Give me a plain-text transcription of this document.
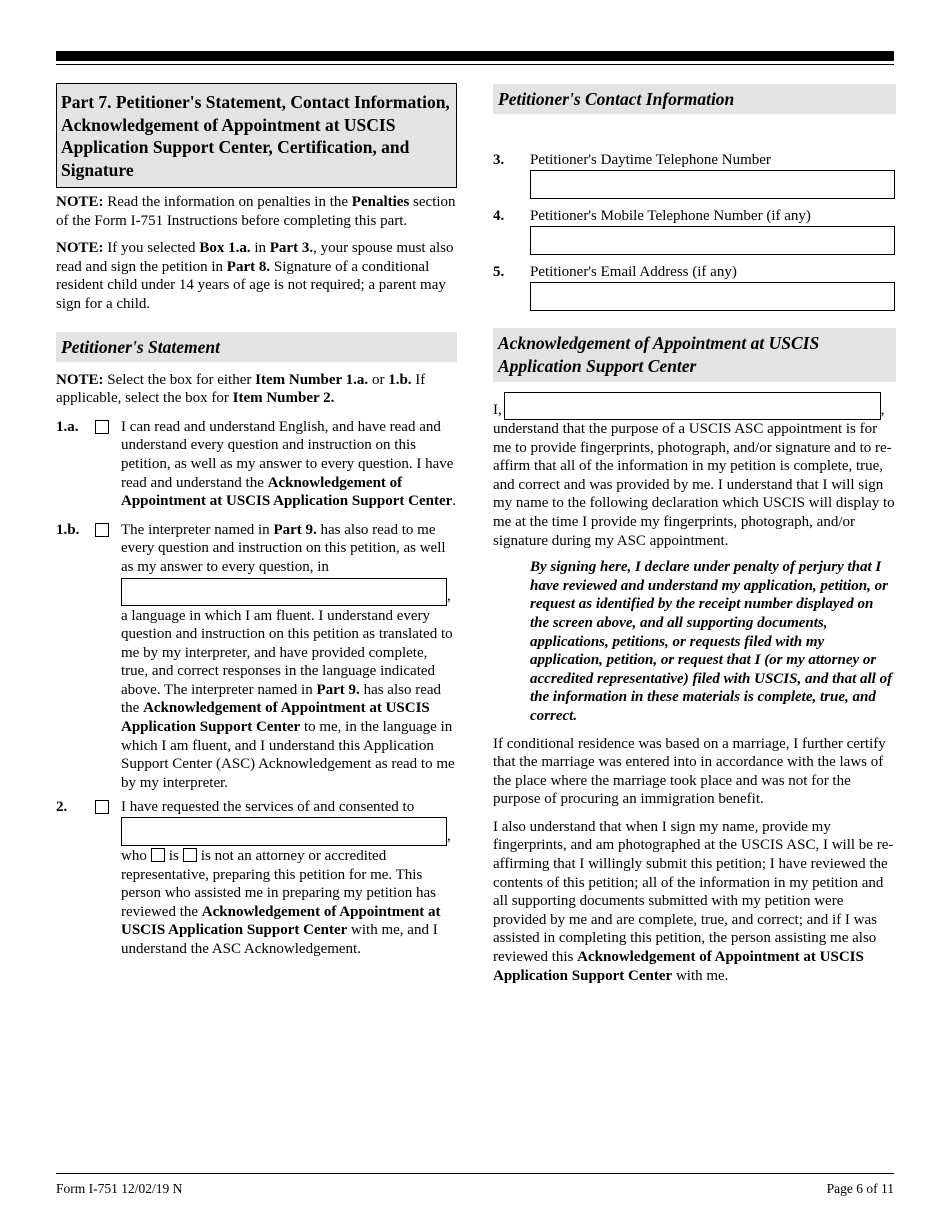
Part 7. Petitioner's Statement, Contact Information, Acknowledgement of Appointment at USCIS Application Support Center, Certification, and Signature

NOTE: Read the information on penalties in the Penalties section of the Form I-751 Instructions before completing this part.

NOTE: If you selected Box 1.a. in Part 3., your spouse must also read and sign the petition in Part 8. Signature of a conditional resident child under 14 years of age is not required; a parent may sign for a child.

Petitioner's Statement

NOTE: Select the box for either Item Number 1.a. or 1.b. If applicable, select the box for Item Number 2.

1.a.	I can read and understand English, and have read and understand every question and instruction on this petition, as well as my answer to every question. I have read and understand the Acknowledgement of Appointment at USCIS Application Support Center.
1.b.	The interpreter named in Part 9. has also read to me every question and instruction on this petition, as well as my answer to every question, in
,
a language in which I am fluent. I understand every question and instruction on this petition as translated to me by my interpreter, and have provided complete, true, and correct responses in the language indicated above. The interpreter named in Part 9. has also read the Acknowledgement of Appointment at USCIS Application Support Center to me, in the language in which I am fluent, and I understand this Application Support Center (ASC) Acknowledgement as read to me by my interpreter.
2.	I have requested the services of and consented to
,
who is is not an attorney or accredited representative, preparing this petition for me. This person who assisted me in preparing my petition has reviewed the Acknowledgement of Appointment at USCIS Application Support Center with me, and I understand the ASC Acknowledgement.
Petitioner's Contact Information
3. Petitioner's Daytime Telephone Number
4. Petitioner's Mobile Telephone Number (if any)
5. Petitioner's Email Address (if any)
Acknowledgement of Appointment at USCIS Application Support Center
I,	,

understand that the purpose of a USCIS ASC appointment is for me to provide fingerprints, photograph, and/or signature and to re-affirm that all of the information in my petition is complete, true, and correct and was provided by me. I understand that I will sign my name to the following declaration which USCIS will display to me at the time I provide my fingerprints, photograph, and/or signature during my ASC appointment.

By signing here, I declare under penalty of perjury that I have reviewed and understand my application, petition, or request as identified by the receipt number displayed on the screen above, and all supporting documents, applications, petitions, or requests filed with my application, petition, or request that I (or my attorney or accredited representative) filed with USCIS, and that all of the information in these materials is complete, true, and correct.

If conditional residence was based on a marriage, I further certify that the marriage was entered into in accordance with the laws of the place where the marriage took place and was not for the purpose of procuring an immigration benefit.

I also understand that when I sign my name, provide my fingerprints, and am photographed at the USCIS ASC, I will be re-affirming that I willingly submit this petition; I have reviewed the contents of this petition; all of the information in my petition and all supporting documents submitted with my petition were provided by me and are complete, true, and correct; and if I was assisted in completing this petition, the person assisting me also reviewed this Acknowledgement of Appointment at USCIS Application Support Center with me.

Form I-751 12/02/19 N	Page 6 of 11
